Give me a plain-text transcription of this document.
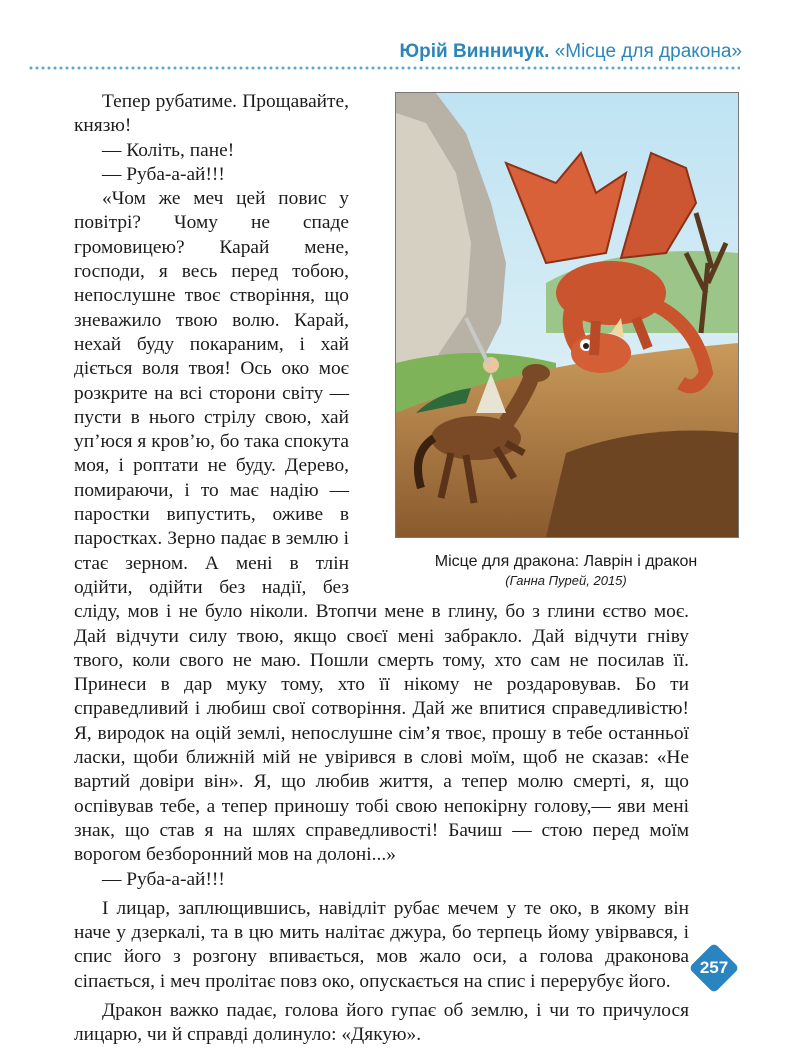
Юрій Винничук. «Місце для дракона»
Місце для дракона: Лаврін і дракон
(Ганна Пурей, 2015)

Тепер рубатиме. Прощавайте, князю!

— Коліть, пане!

— Руба-а-ай!!!

«Чом же меч цей повис у повітрі? Чому не спаде громовицею? Карай мене, господи, я весь перед тобою, непослушне твоє створіння, що зневажило твою волю. Карай, нехай буду покараним, і хай діється воля твоя! Ось око моє розкрите на всі сторони світу — пусти в нього стрілу свою, хай уп’юся я кров’ю, бо така спокута моя, і роптати не буду. Дерево, помираючи, і то має надію — паростки випустить, оживе в паростках. Зерно падає в землю і стає зерном. А мені в тлін одійти, одійти без надії, без сліду, мов і не було ніколи. Втопчи мене в глину, бо з глини єство моє. Дай відчути силу твою, якщо своєї мені забракло. Дай відчути гніву твого, коли свого не маю. Пошли смерть тому, хто сам не посилав її. Принеси в дар муку тому, хто її нікому не роздаровував. Бо ти справедливий і любиш свої сотворіння. Дай же впитися справедливістю! Я, виродок на оцій землі, непослушне сім’я твоє, прошу в тебе останньої ласки, щоби ближній мій не увірився в слові моїм, щоб не сказав: «Не вартий довіри він». Я, що любив життя, а тепер молю смерті, я, що оспівував тебе, а тепер приношу тобі свою непокірну голову,— яви мені знак, що став я на шлях справедливості! Бачиш — стою перед моїм ворогом безборонний мов на долоні...»

— Руба-а-ай!!!

І лицар, заплющившись, навідліт рубає мечем у те око, в якому він наче у дзеркалі, та в цю мить налітає джура, бо терпець йому увірвався, і спис його з розгону впивається, мов жало оси, а голова драконова сіпається, і меч пролітає повз око, опускається на спис і перерубує його.

Дракон важко падає, голова його гупає об землю, і чи то причулося лицарю, чи й справді долинуло: «Дякую».

257
